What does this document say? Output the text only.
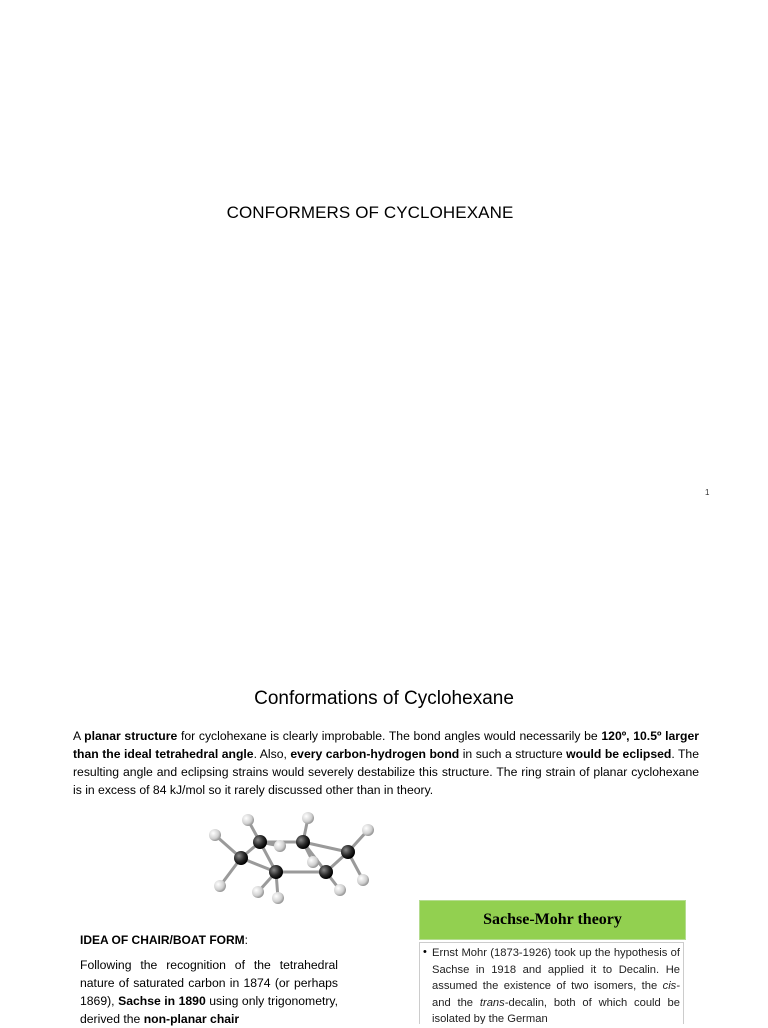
CONFORMERS OF CYCLOHEXANE
1
Conformations of Cyclohexane
A planar structure for cyclohexane is clearly improbable. The bond angles would necessarily be 120º, 10.5º larger than the ideal tetrahedral angle. Also, every carbon-hydrogen bond in such a structure would be eclipsed. The resulting angle and eclipsing strains would severely destabilize this structure. The ring strain of planar cyclohexane is in excess of 84 kJ/mol so it rarely discussed other than in theory.
IDEA OF CHAIR/BOAT FORM:
Following the recognition of the tetrahedral nature of saturated carbon in 1874 (or perhaps 1869), Sachse in 1890 using only trigonometry, derived the non-planar chair
Sachse-Mohr theory
• Ernst Mohr (1873-1926) took up the hypothesis of Sachse in 1918 and applied it to Decalin. He assumed the existence of two isomers, the cis- and the trans-decalin, both of which could be isolated by the German
